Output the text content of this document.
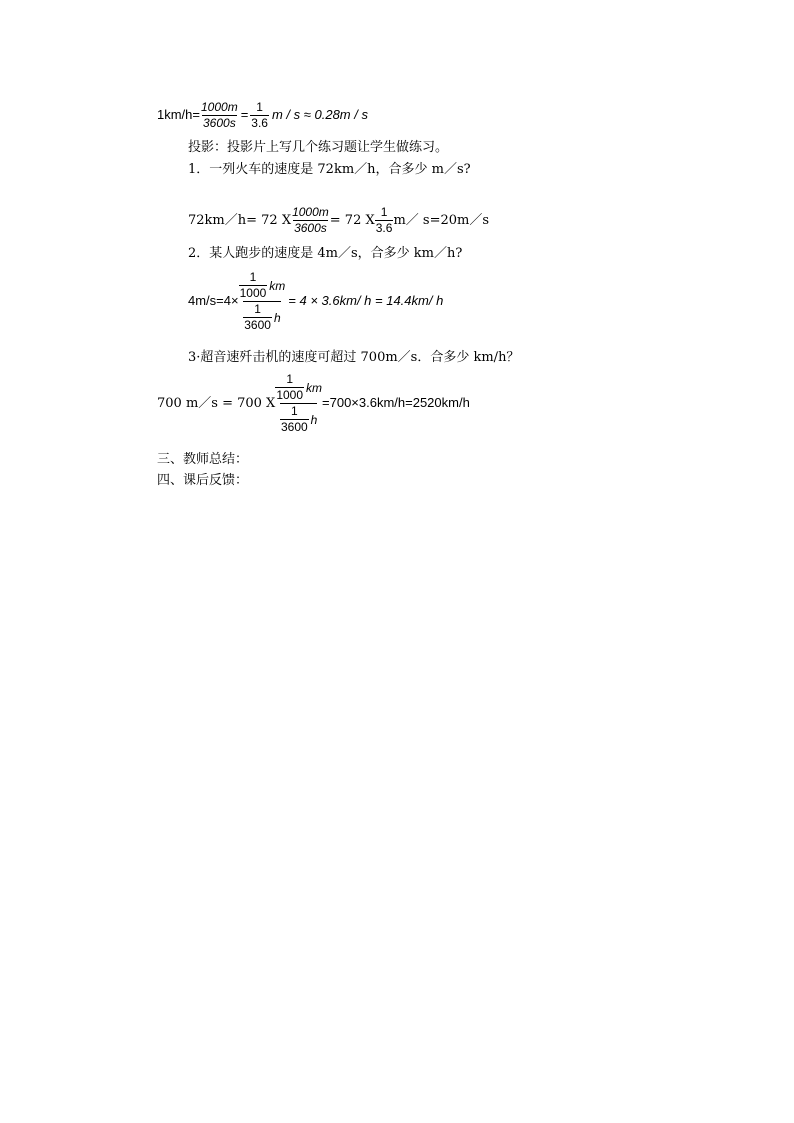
$1km/h= \frac{1000m}{3600s} = \frac{1}{3.6}$ m / s ≈ 0.28m / s
投影：投影片上写几个练习题让学生做练习。
1．一列火车的速度是 72km／h，合多少 m／s?
72km／h= 72 X $\frac{1000m}{3600s} = 72$ X $\frac{1}{3.6}$ m／ s=20m／s
2．某人跑步的速度是 4m／s，合多少 km／h?
$4m/s=4\times \frac{\frac{1}{1000} km}{\frac{1}{3600} h} = 4 \times 3.6km/$ h = 14.4km/ h
3·超音速歼击机的速度可超过 700m／s．合多少 km/h？
700 m／s = 700 X $\frac{\frac{1}{1000} km}{\frac{1}{3600} h} =700\times 3.6km/h=2520km/h$
三、教师总结：
四、课后反馈：
